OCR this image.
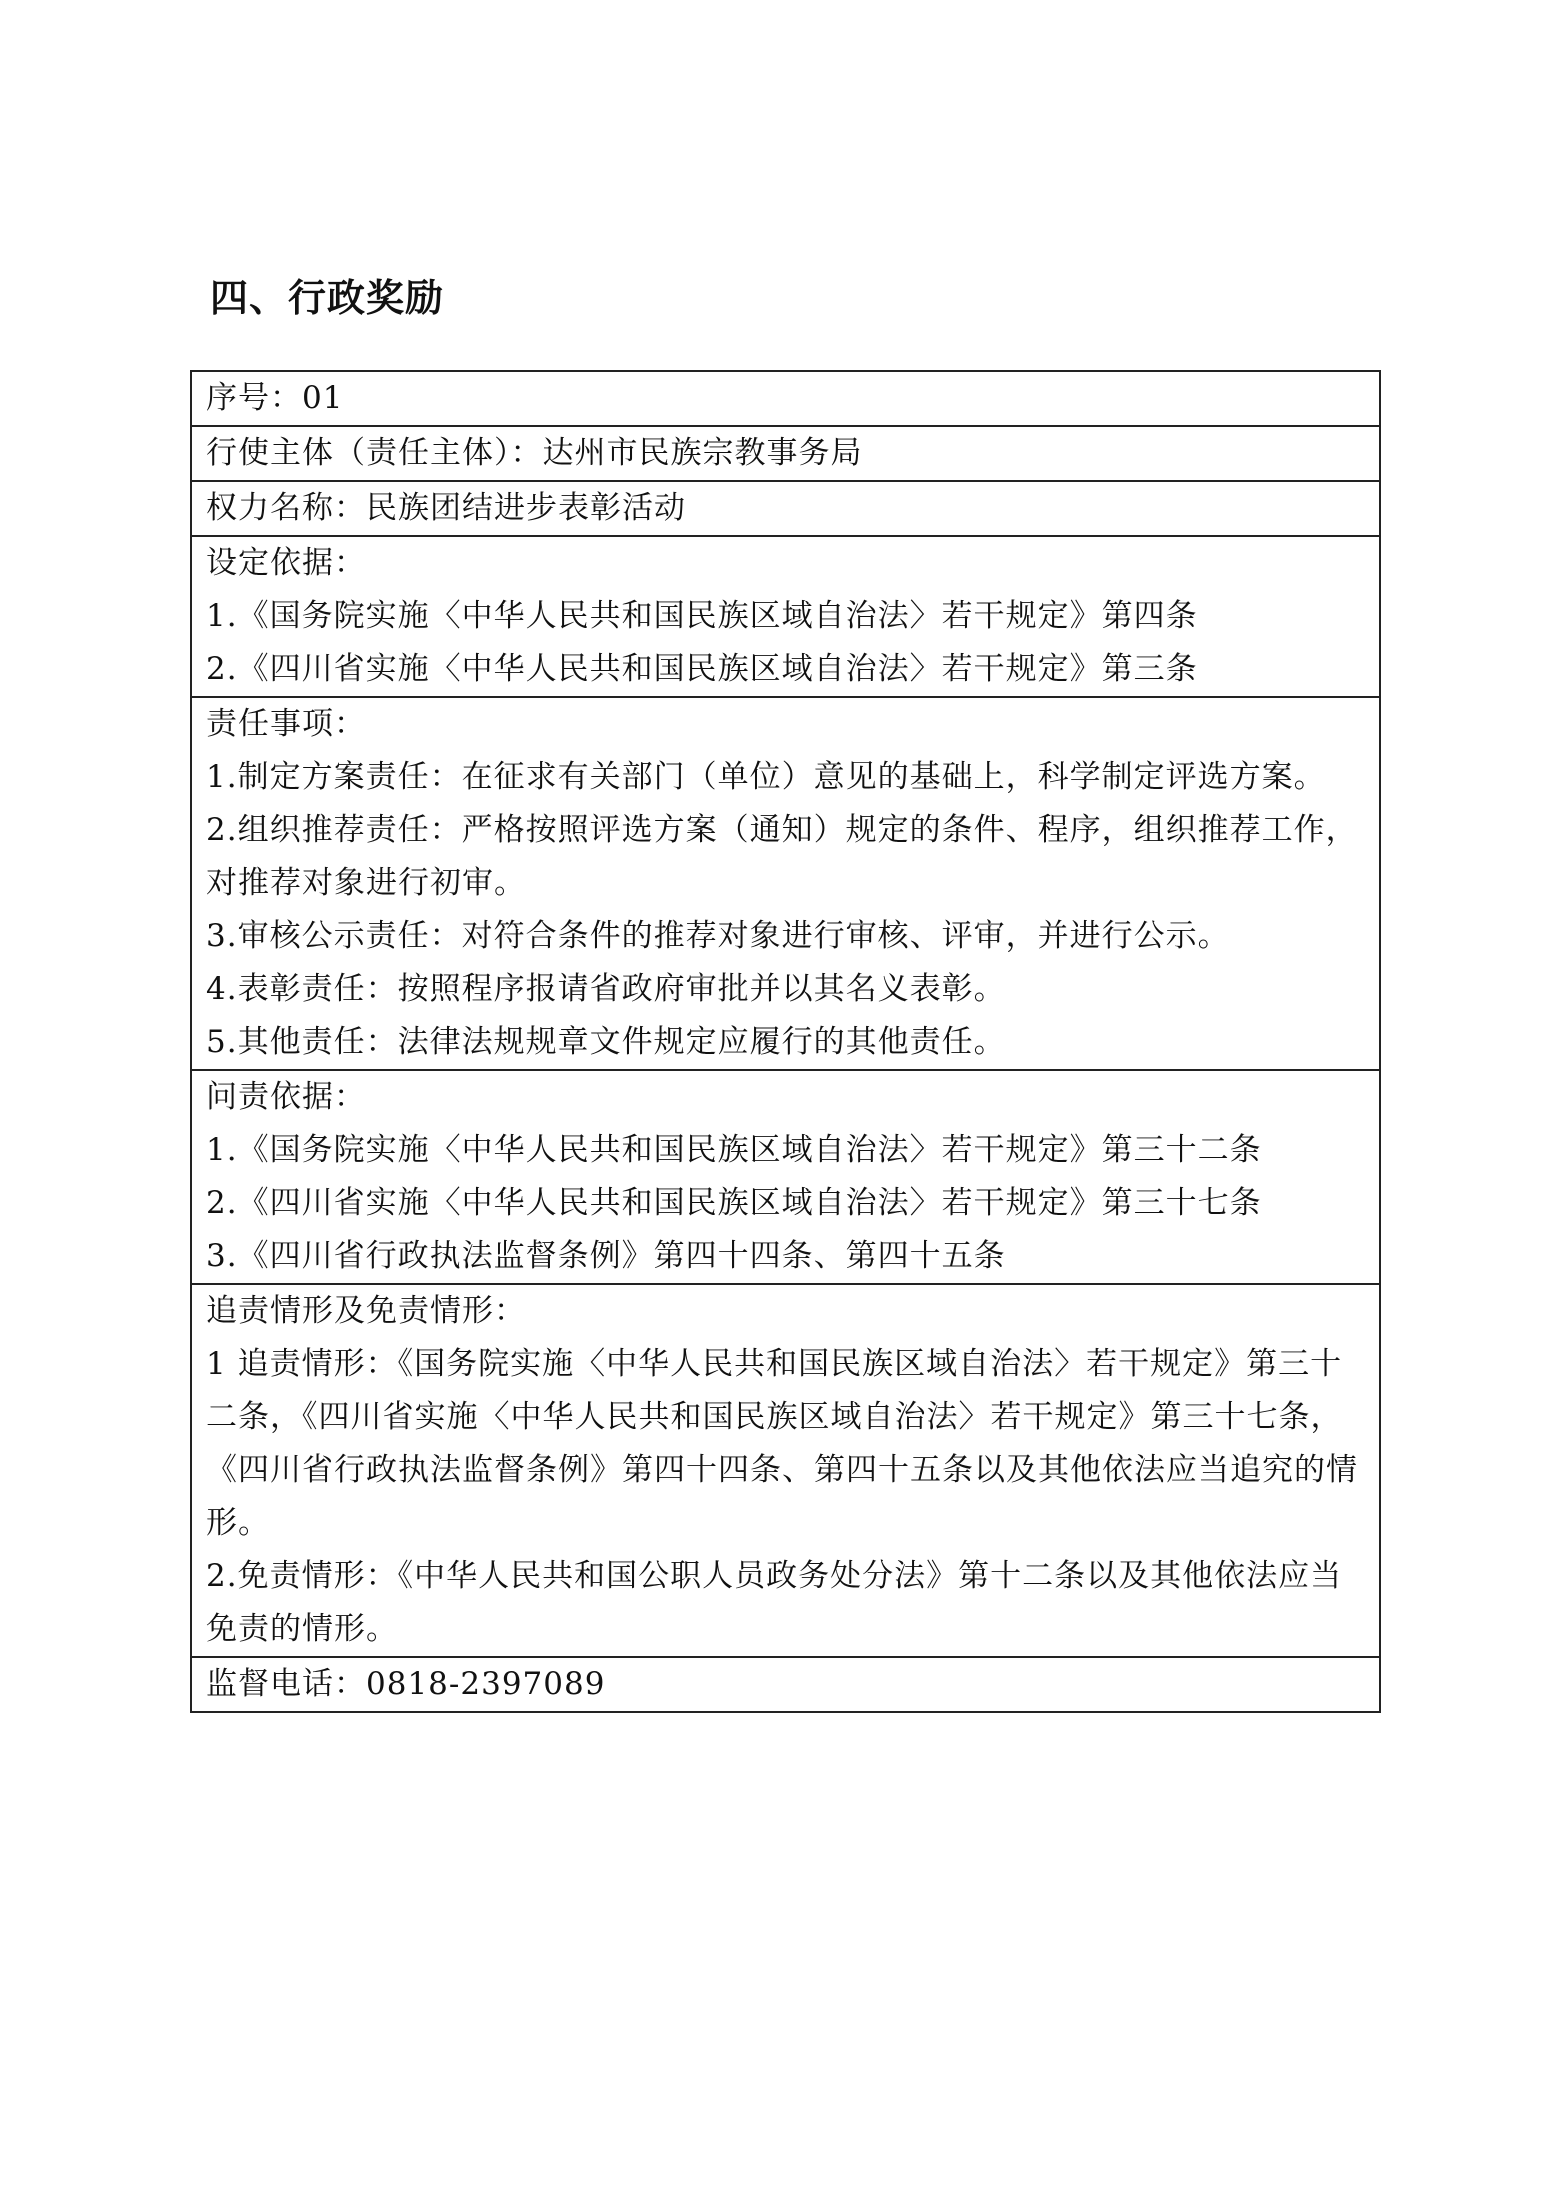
四、行政奖励
序号：01
行使主体（责任主体）：达州市民族宗教事务局
权力名称：民族团结进步表彰活动

设定依据：
1.《国务院实施〈中华人民共和国民族区域自治法〉若干规定》第四条
2.《四川省实施〈中华人民共和国民族区域自治法〉若干规定》第三条

责任事项：
1.制定方案责任：在征求有关部门（单位）意见的基础上，科学制定评选方案。
2.组织推荐责任：严格按照评选方案（通知）规定的条件、程序，组织推荐工作，对推荐对象进行初审。
3.审核公示责任：对符合条件的推荐对象进行审核、评审，并进行公示。
4.表彰责任：按照程序报请省政府审批并以其名义表彰。
5.其他责任：法律法规规章文件规定应履行的其他责任。

问责依据：
1.《国务院实施〈中华人民共和国民族区域自治法〉若干规定》第三十二条
2.《四川省实施〈中华人民共和国民族区域自治法〉若干规定》第三十七条
3.《四川省行政执法监督条例》第四十四条、第四十五条

追责情形及免责情形：
1 追责情形：《国务院实施〈中华人民共和国民族区域自治法〉若干规定》第三十二条，《四川省实施〈中华人民共和国民族区域自治法〉若干规定》第三十七条，《四川省行政执法监督条例》第四十四条、第四十五条以及其他依法应当追究的情形。
2.免责情形：《中华人民共和国公职人员政务处分法》第十二条以及其他依法应当免责的情形。

监督电话：0818-2397089
